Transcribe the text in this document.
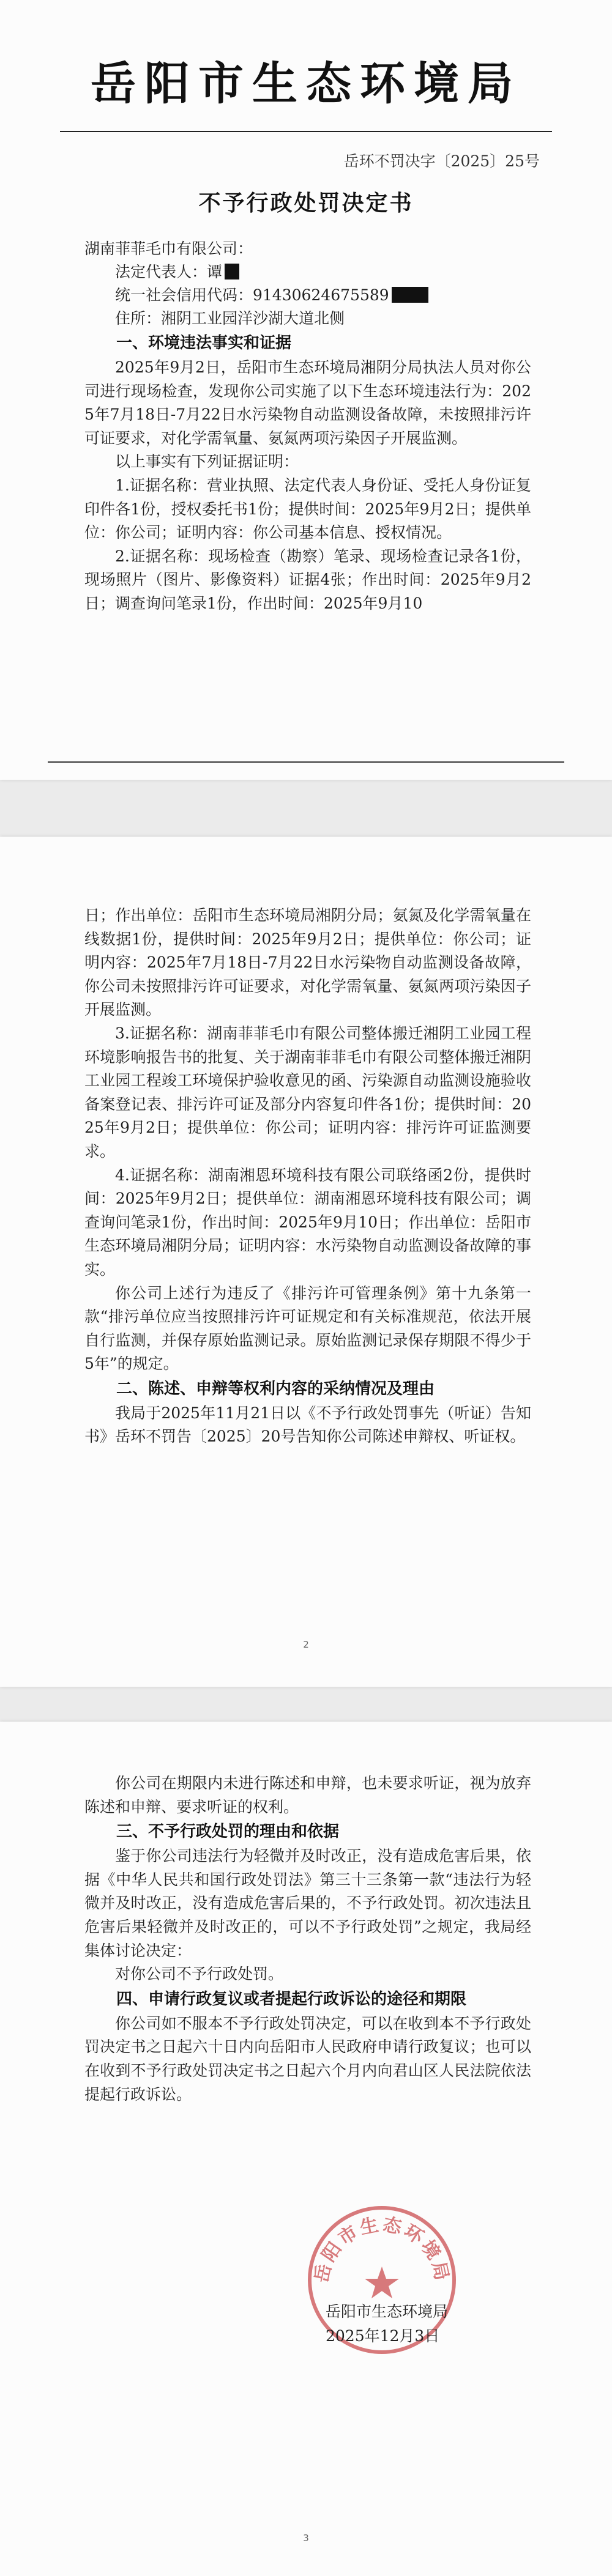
岳阳市生态环境局
岳环不罚决字〔2025〕25号
不予行政处罚决定书
湖南菲菲毛巾有限公司：
法定代表人：谭
统一社会信用代码：91430624675589
住所：湘阴工业园洋沙湖大道北侧
一、环境违法事实和证据

2025年9月2日，岳阳市生态环境局湘阴分局执法人员对你公司进行现场检查，发现你公司实施了以下生态环境违法行为：2025年7月18日-7月22日水污染物自动监测设备故障，未按照排污许可证要求，对化学需氧量、氨氮两项污染因子开展监测。

以上事实有下列证据证明：

1.证据名称：营业执照、法定代表人身份证、受托人身份证复印件各1份，授权委托书1份；提供时间：2025年9月2日；提供单位：你公司；证明内容：你公司基本信息、授权情况。

2.证据名称：现场检查（勘察）笔录、现场检查记录各1份，现场照片（图片、影像资料）证据4张；作出时间：2025年9月2日；调查询问笔录1份，作出时间：2025年9月10

日；作出单位：岳阳市生态环境局湘阴分局；氨氮及化学需氧量在线数据1份，提供时间：2025年9月2日；提供单位：你公司；证明内容：2025年7月18日-7月22日水污染物自动监测设备故障，你公司未按照排污许可证要求，对化学需氧量、氨氮两项污染因子开展监测。

3.证据名称：湖南菲菲毛巾有限公司整体搬迁湘阴工业园工程环境影响报告书的批复、关于湖南菲菲毛巾有限公司整体搬迁湘阴工业园工程竣工环境保护验收意见的函、污染源自动监测设施验收备案登记表、排污许可证及部分内容复印件各1份；提供时间：2025年9月2日；提供单位：你公司；证明内容：排污许可证监测要求。

4.证据名称：湖南湘恩环境科技有限公司联络函2份，提供时间：2025年9月2日；提供单位：湖南湘恩环境科技有限公司；调查询问笔录1份，作出时间：2025年9月10日；作出单位：岳阳市生态环境局湘阴分局；证明内容：水污染物自动监测设备故障的事实。

你公司上述行为违反了《排污许可管理条例》第十九条第一款“排污单位应当按照排污许可证规定和有关标准规范，依法开展自行监测，并保存原始监测记录。原始监测记录保存期限不得少于5年”的规定。

二、陈述、申辩等权利内容的采纳情况及理由

我局于2025年11月21日以《不予行政处罚事先（听证）告知书》岳环不罚告〔2025〕20号告知你公司陈述申辩权、听证权。

2

你公司在期限内未进行陈述和申辩，也未要求听证，视为放弃陈述和申辩、要求听证的权利。

三、不予行政处罚的理由和依据

鉴于你公司违法行为轻微并及时改正，没有造成危害后果，依据《中华人民共和国行政处罚法》第三十三条第一款“违法行为轻微并及时改正，没有造成危害后果的，不予行政处罚。初次违法且危害后果轻微并及时改正的，可以不予行政处罚”之规定，我局经集体讨论决定：

对你公司不予行政处罚。

四、申请行政复议或者提起行政诉讼的途径和期限

你公司如不服本不予行政处罚决定，可以在收到本不予行政处罚决定书之日起六十日内向岳阳市人民政府申请行政复议；也可以在收到不予行政处罚决定书之日起六个月内向君山区人民法院依法提起行政诉讼。

3
岳阳市生态环境局
岳阳市生态环境局
2025年12月3日
